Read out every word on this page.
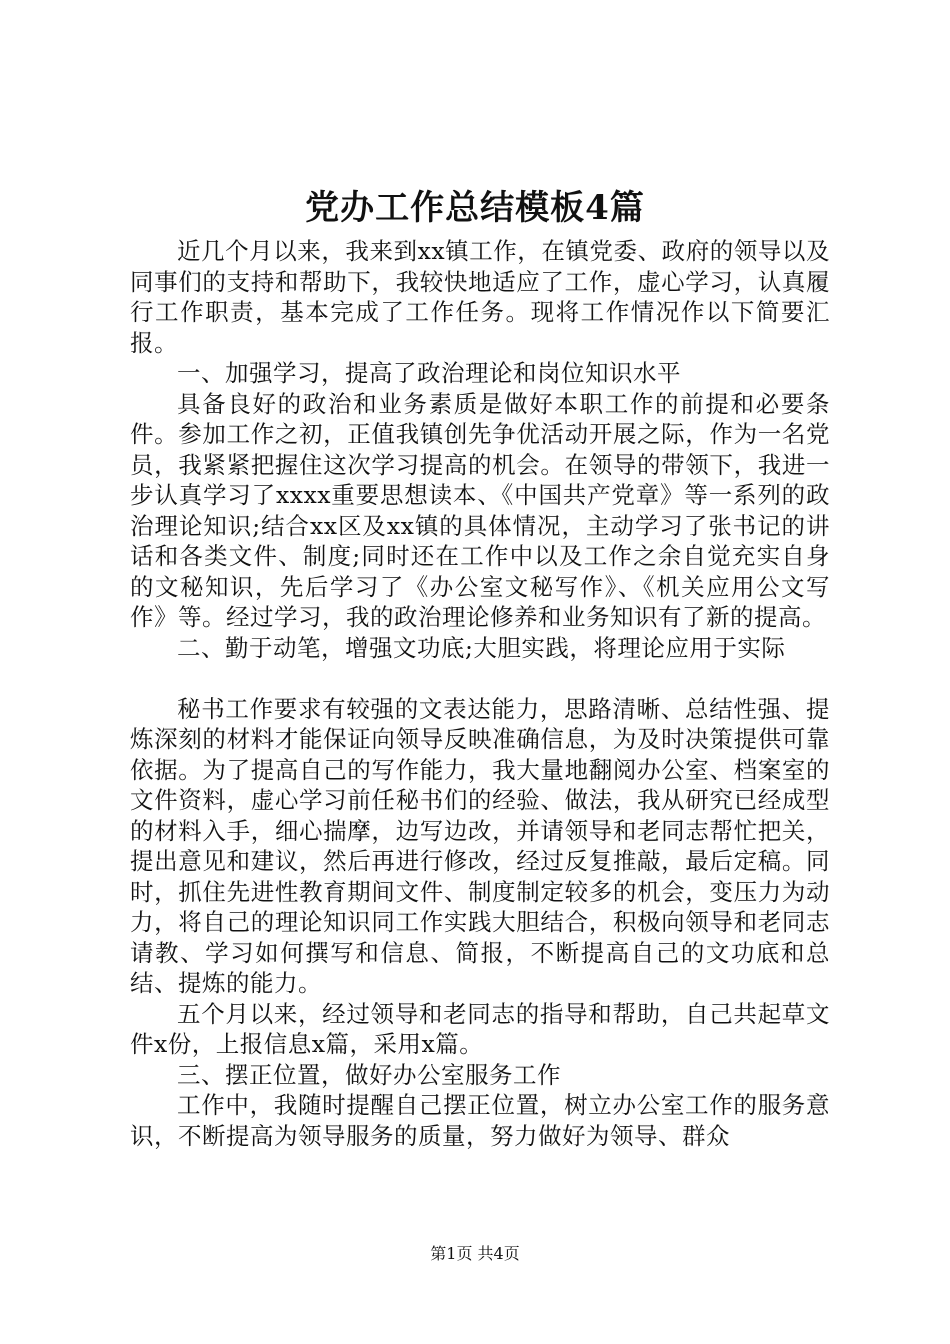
党办工作总结模板4篇

近几个月以来，我来到xx镇工作，在镇党委、政府的领导以及同事们的支持和帮助下，我较快地适应了工作，虚心学习，认真履行工作职责，基本完成了工作任务。现将工作情况作以下简要汇报。

一、加强学习，提高了政治理论和岗位知识水平

具备良好的政治和业务素质是做好本职工作的前提和必要条件。参加工作之初，正值我镇创先争优活动开展之际，作为一名党员，我紧紧把握住这次学习提高的机会。在领导的带领下，我进一步认真学习了xxxx重要思想读本、《中国共产党章》等一系列的政治理论知识;结合xx区及xx镇的具体情况，主动学习了张书记的讲话和各类文件、制度;同时还在工作中以及工作之余自觉充实自身的文秘知识，先后学习了《办公室文秘写作》、《机关应用公文写作》等。经过学习，我的政治理论修养和业务知识有了新的提高。

二、勤于动笔，增强文功底;大胆实践，将理论应用于实际

秘书工作要求有较强的文表达能力，思路清晰、总结性强、提炼深刻的材料才能保证向领导反映准确信息，为及时决策提供可靠依据。为了提高自己的写作能力，我大量地翻阅办公室、档案室的文件资料，虚心学习前任秘书们的经验、做法，我从研究已经成型的材料入手，细心揣摩，边写边改，并请领导和老同志帮忙把关，提出意见和建议，然后再进行修改，经过反复推敲，最后定稿。同时，抓住先进性教育期间文件、制度制定较多的机会，变压力为动力，将自己的理论知识同工作实践大胆结合，积极向领导和老同志请教、学习如何撰写和信息、简报，不断提高自己的文功底和总结、提炼的能力。

五个月以来，经过领导和老同志的指导和帮助，自己共起草文件x份，上报信息x篇，采用x篇。

三、摆正位置，做好办公室服务工作

工作中，我随时提醒自己摆正位置，树立办公室工作的服务意识，不断提高为领导服务的质量，努力做好为领导、群众

第1页 共4页
